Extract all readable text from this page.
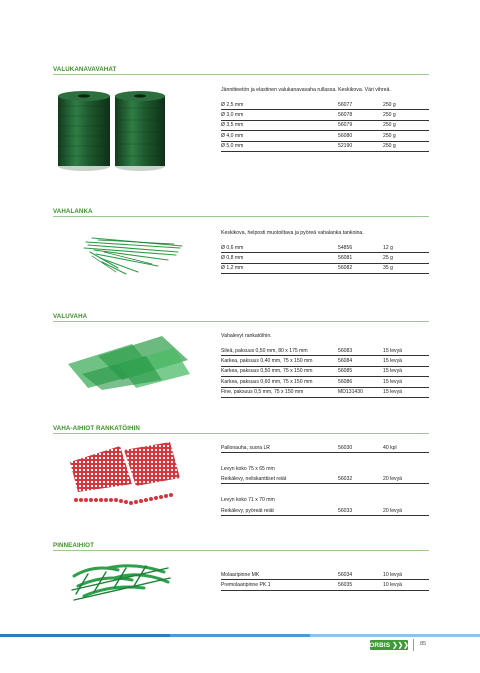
VALUKANAVAVAHAT
Jännitteetön ja elastinen valukanavavaha rullassa. Keskikova. Väri vihreä.
Ø 2,5 mm	56077	250 g
Ø 3,0 mm	56078	250 g
Ø 3,5 mm	56079	250 g
Ø 4,0 mm	56080	250 g
Ø 5,0 mm	52190	250 g
VAHALANKA
Keskikova, helposti muotoiltava ja pyöreä vahalanka tankoina.
Ø 0,6 mm	54856	12 g
Ø 0,8 mm	56081	25 g
Ø 1,2 mm	56082	35 g
VALUVAHA
Vahalevyt rankatöihin.
Sileä, paksuus 0,50 mm, 80 x 175 mm	56083	15 levyä
Karkea, paksuus 0,40 mm, 75 x 150 mm	56084	15 levyä
Karkea, paksuus 0,50 mm, 75 x 150 mm	56085	15 levyä
Karkea, paksuus 0,60 mm, 75 x 150 mm	56086	15 levyä
Fine, paksuus 0,5 mm, 75 x 150 mm	MD131430	15 levyä
VAHA-AIHIOT RANKATÖIHIN
Pallonauha, suora LR	56030	40 kpl
Levyn koko 75 x 65 mm
Reikälevy, neliskanttiset reiät	56032	20 levyä
Levyn koko 71 x 70 mm
Reikälevy, pyöreät reiät	56033	20 levyä
PINNEAIHIOT
Molaaripinne MK	56034	10 levyä
Premolaaripinne PK 1	56035	10 levyä
ORBIS ❯❯❯ 85
